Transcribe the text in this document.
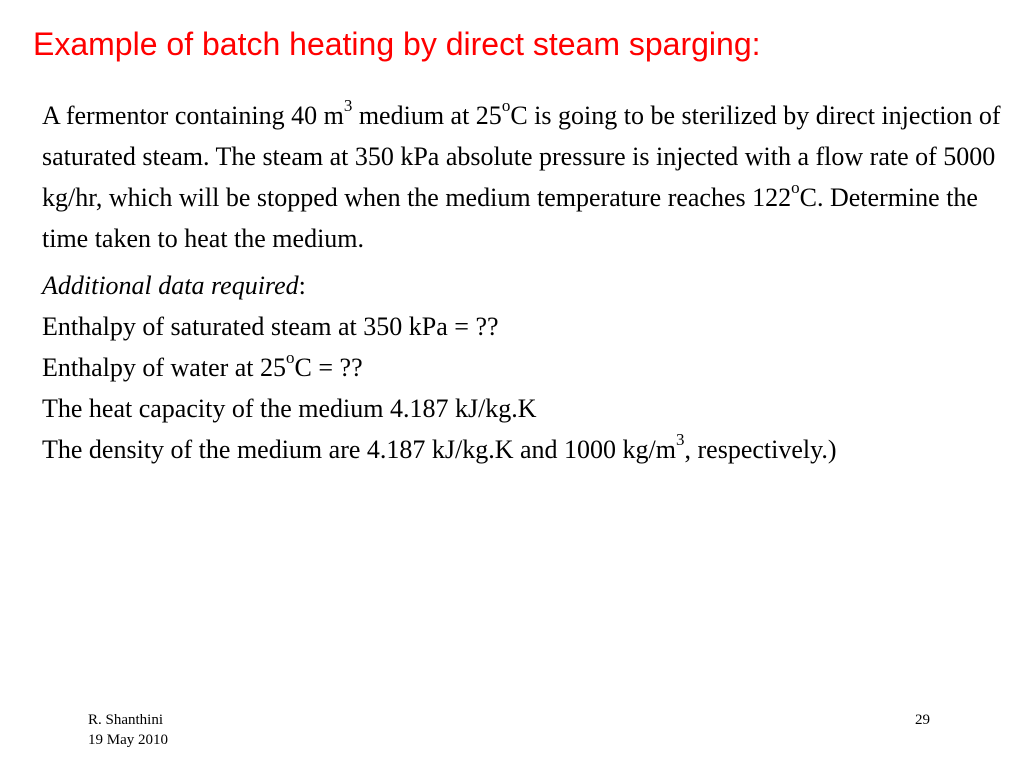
Example of batch heating by direct steam sparging:

A fermentor containing 40 $m^3$ medium at 25$^o$C is going to be sterilized by direct injection of saturated steam. The steam at 350 kPa absolute pressure is injected with a flow rate of 5000 kg/hr, which will be stopped when the medium temperature reaches 122$^o$C. Determine the time taken to heat the medium.

Additional data required:

Enthalpy of saturated steam at 350 kPa = ??

Enthalpy of water at $25^oC$ = ??

The heat capacity of the medium 4.187 kJ/kg.K

The density of the medium are 4.187 kJ/kg.K and 1000 $kg/m^3$, respectively.)

R. Shanthini
19 May 2010
29
